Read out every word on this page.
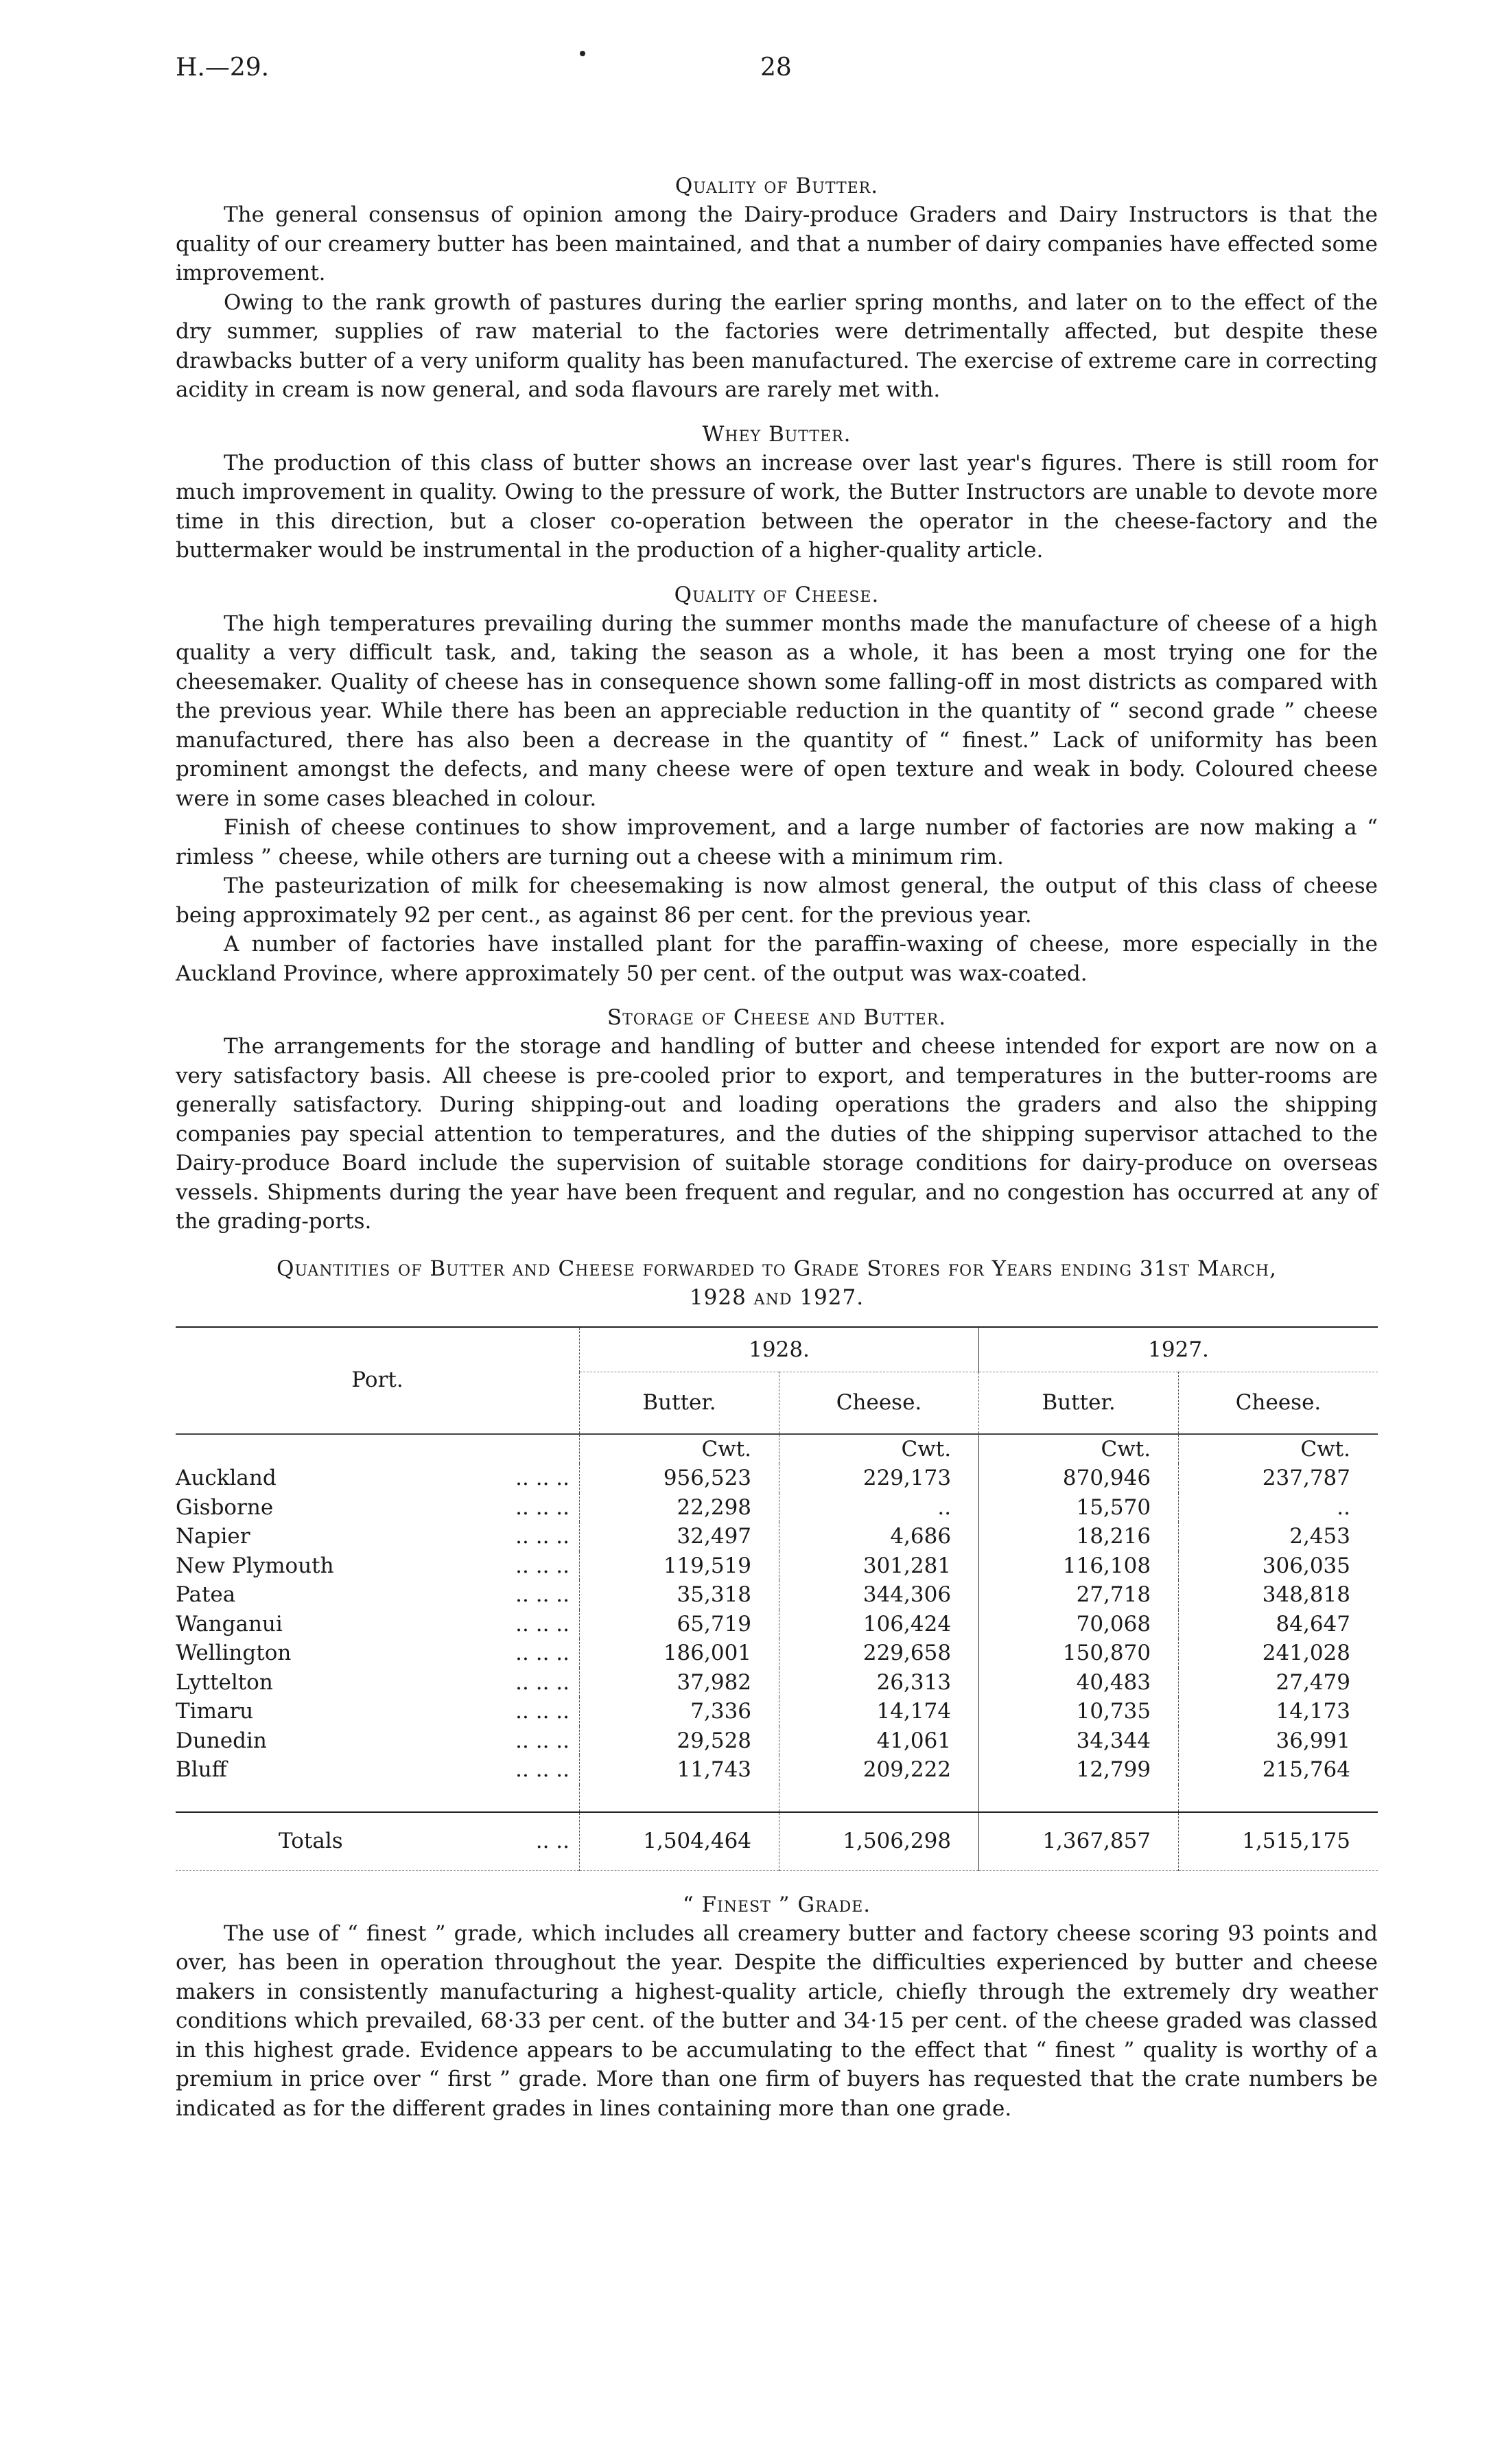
H.—29.	28
Quality of Butter.

The general consensus of opinion among the Dairy-produce Graders and Dairy Instructors is that the quality of our creamery butter has been maintained, and that a number of dairy companies have effected some improvement.

Owing to the rank growth of pastures during the earlier spring months, and later on to the effect of the dry summer, supplies of raw material to the factories were detrimentally affected, but despite these drawbacks butter of a very uniform quality has been manufactured. The exercise of extreme care in correcting acidity in cream is now general, and soda flavours are rarely met with.

Whey Butter.

The production of this class of butter shows an increase over last year's figures. There is still room for much improvement in quality. Owing to the pressure of work, the Butter Instructors are unable to devote more time in this direction, but a closer co-operation between the operator in the cheese-factory and the buttermaker would be instrumental in the production of a higher-quality article.

Quality of Cheese.

The high temperatures prevailing during the summer months made the manufacture of cheese of a high quality a very difficult task, and, taking the season as a whole, it has been a most trying one for the cheesemaker. Quality of cheese has in consequence shown some falling-off in most districts as compared with the previous year. While there has been an appreciable reduction in the quantity of “ second grade ” cheese manufactured, there has also been a decrease in the quantity of “ finest.” Lack of uniformity has been prominent amongst the defects, and many cheese were of open texture and weak in body. Coloured cheese were in some cases bleached in colour.

Finish of cheese continues to show improvement, and a large number of factories are now making a “ rimless ” cheese, while others are turning out a cheese with a minimum rim.

The pasteurization of milk for cheesemaking is now almost general, the output of this class of cheese being approximately 92 per cent., as against 86 per cent. for the previous year.

A number of factories have installed plant for the paraffin-waxing of cheese, more especially in the Auckland Province, where approximately 50 per cent. of the output was wax-coated.

Storage of Cheese and Butter.

The arrangements for the storage and handling of butter and cheese intended for export are now on a very satisfactory basis. All cheese is pre-cooled prior to export, and temperatures in the butter-rooms are generally satisfactory. During shipping-out and loading operations the graders and also the shipping companies pay special attention to temperatures, and the duties of the shipping supervisor attached to the Dairy-produce Board include the supervision of suitable storage conditions for dairy-produce on overseas vessels. Shipments during the year have been frequent and regular, and no congestion has occurred at any of the grading-ports.

Quantities of Butter and Cheese forwarded to Grade Stores for Years ending 31st March,
1928 and 1927.
Port.	1928.		1927.	
	Butter.	Cheese.	Butter.	Cheese.
	Cwt.	Cwt.	Cwt.	Cwt.

Auckland	.. .. ..	956,523	229,173	870,946	237,787

Gisborne	.. .. ..	22,298	..	15,570	..

Napier	.. .. ..	32,497	4,686	18,216	2,453

New Plymouth	.. .. ..	119,519	301,281	116,108	306,035

Patea	.. .. ..	35,318	344,306	27,718	348,818

Wanganui	.. .. ..	65,719	106,424	70,068	84,647

Wellington	.. .. ..	186,001	229,658	150,870	241,028

Lyttelton	.. .. ..	37,982	26,313	40,483	27,479

Timaru	.. .. ..	7,336	14,174	10,735	14,173

Dunedin	.. .. ..	29,528	41,061	34,344	36,991

Bluff	.. .. ..	11,743	209,222	12,799	215,764

Totals	.. ..	1,504,464	1,506,298	1,367,857	1,515,175
“ Finest ” Grade.

The use of “ finest ” grade, which includes all creamery butter and factory cheese scoring 93 points and over, has been in operation throughout the year. Despite the difficulties experienced by butter and cheese makers in consistently manufacturing a highest-quality article, chiefly through the extremely dry weather conditions which prevailed, 68·33 per cent. of the butter and 34·15 per cent. of the cheese graded was classed in this highest grade. Evidence appears to be accumulating to the effect that “ finest ” quality is worthy of a premium in price over “ first ” grade. More than one firm of buyers has requested that the crate numbers be indicated as for the different grades in lines containing more than one grade.
